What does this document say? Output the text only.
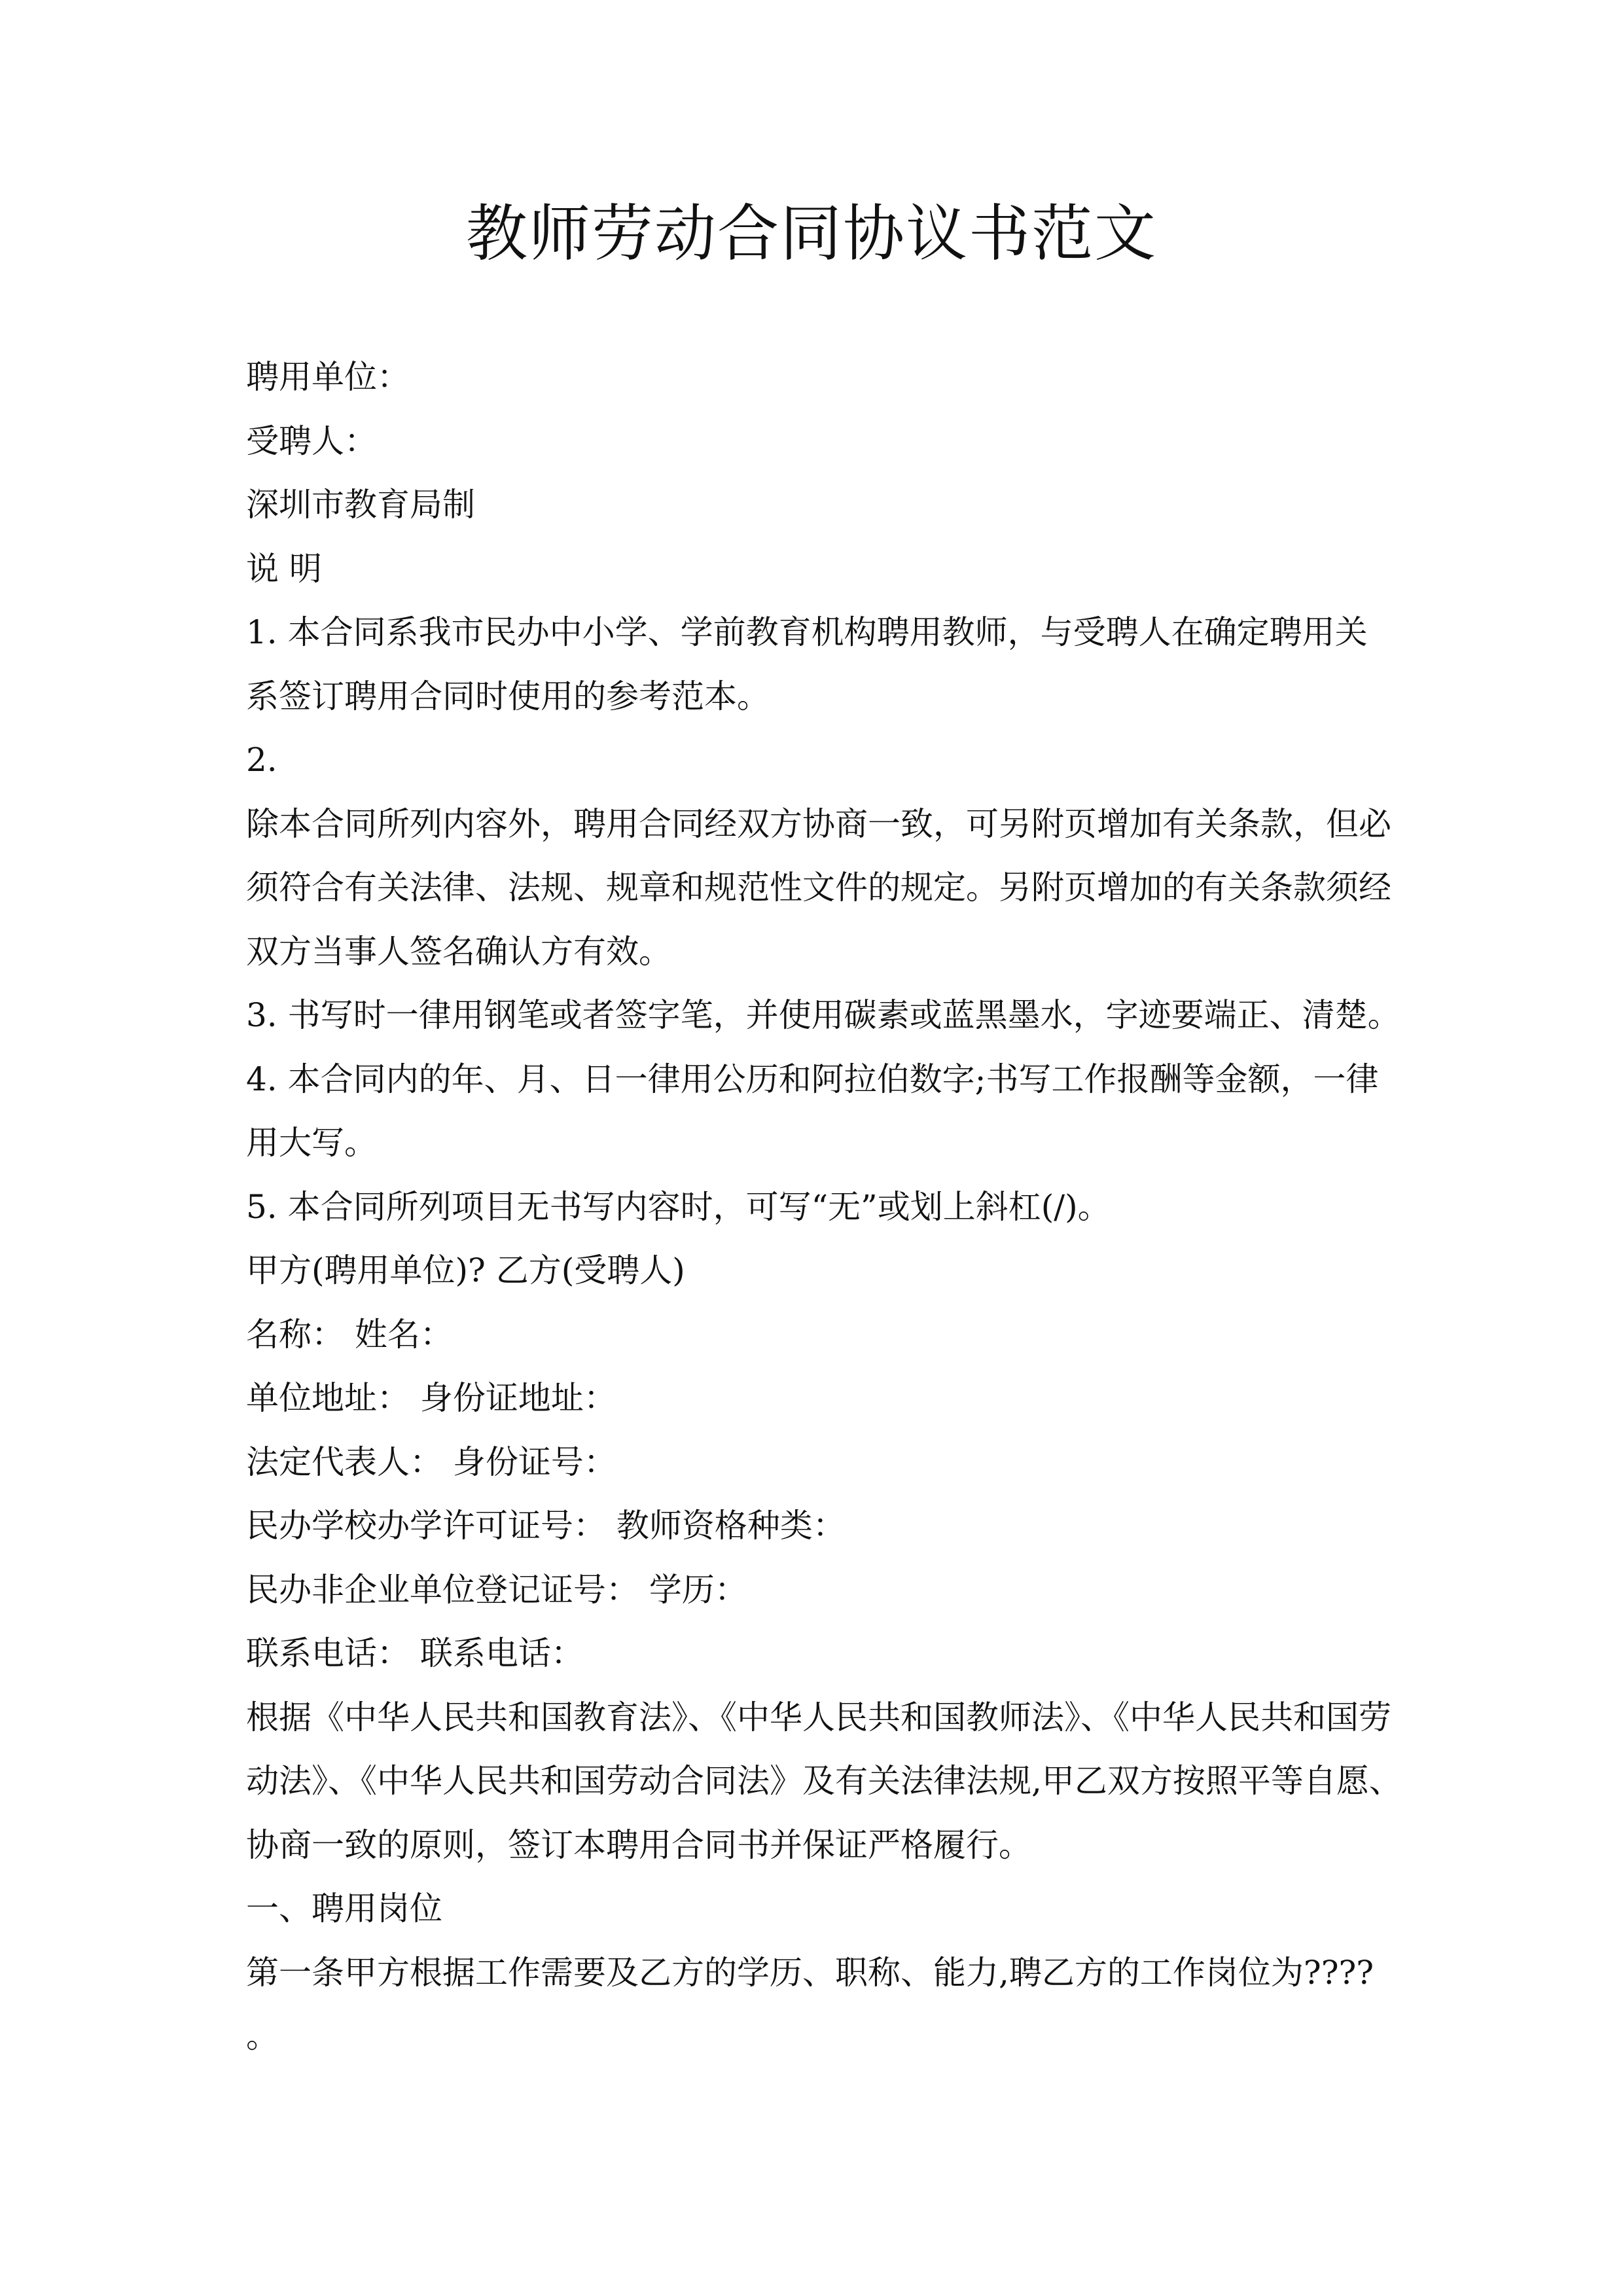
教师劳动合同协议书范文
聘用单位：
受聘人：
深圳市教育局制
说 明
1. 本合同系我市民办中小学、学前教育机构聘用教师，与受聘人在确定聘用关
系签订聘用合同时使用的参考范本。
2.
除本合同所列内容外，聘用合同经双方协商一致，可另附页增加有关条款，但必
须符合有关法律、法规、规章和规范性文件的规定。另附页增加的有关条款须经
双方当事人签名确认方有效。
3. 书写时一律用钢笔或者签字笔，并使用碳素或蓝黑墨水，字迹要端正、清楚。
4. 本合同内的年、月、日一律用公历和阿拉伯数字;书写工作报酬等金额，一律
用大写。
5. 本合同所列项目无书写内容时，可写“无”或划上斜杠(/)。
甲方(聘用单位)? 乙方(受聘人)
名称： 姓名：
单位地址： 身份证地址：
法定代表人： 身份证号：
民办学校办学许可证号： 教师资格种类：
民办非企业单位登记证号： 学历：
联系电话： 联系电话：
根据《中华人民共和国教育法》、《中华人民共和国教师法》、《中华人民共和国劳
动法》、《中华人民共和国劳动合同法》及有关法律法规,甲乙双方按照平等自愿、
协商一致的原则，签订本聘用合同书并保证严格履行。
一、聘用岗位
第一条甲方根据工作需要及乙方的学历、职称、能力,聘乙方的工作岗位为????
。
